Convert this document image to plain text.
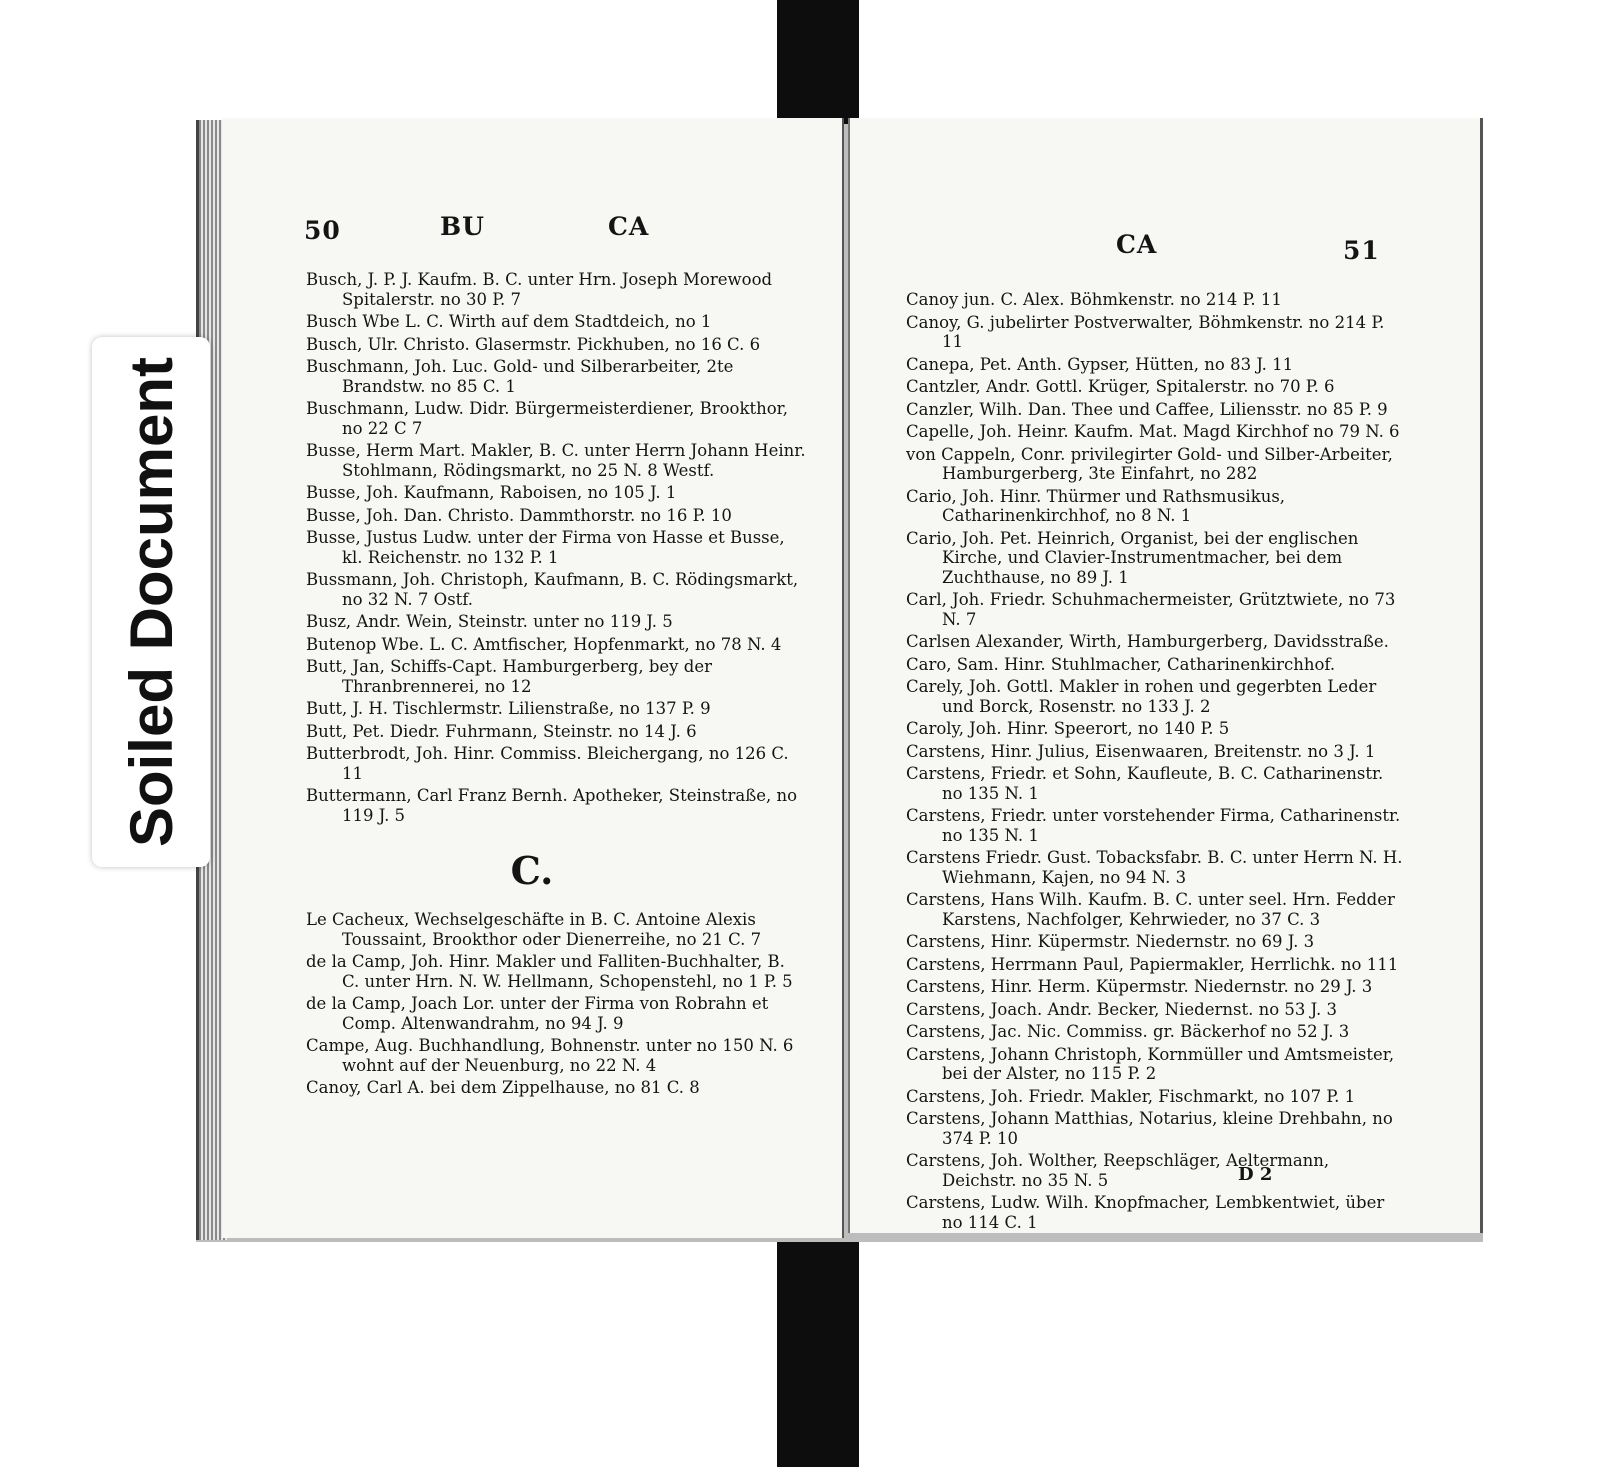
50	BU	CA

Busch, J. P. J. Kaufm. B. C. unter Hrn. Joseph Morewood Spitalerstr. no 30 P. 7

Busch Wbe L. C. Wirth auf dem Stadtdeich, no 1

Busch, Ulr. Christo. Glasermstr. Pickhuben, no 16 C. 6

Buschmann, Joh. Luc. Gold- und Silberarbeiter, 2te Brandstw. no 85 C. 1

Buschmann, Ludw. Didr. Bürgermeisterdiener, Brookthor, no 22 C 7

Busse, Herm Mart. Makler, B. C. unter Herrn Johann Heinr. Stohlmann, Rödingsmarkt, no 25 N. 8 Westf.

Busse, Joh. Kaufmann, Raboisen, no 105 J. 1

Busse, Joh. Dan. Christo. Dammthorstr. no 16 P. 10

Busse, Justus Ludw. unter der Firma von Hasse et Busse, kl. Reichenstr. no 132 P. 1

Bussmann, Joh. Christoph, Kaufmann, B. C. Rödingsmarkt, no 32 N. 7 Ostf.

Busz, Andr. Wein, Steinstr. unter no 119 J. 5

Butenop Wbe. L. C. Amtfischer, Hopfenmarkt, no 78 N. 4

Butt, Jan, Schiffs-Capt. Hamburgerberg, bey der Thranbrennerei, no 12

Butt, J. H. Tischlermstr. Lilienstraße, no 137 P. 9

Butt, Pet. Diedr. Fuhrmann, Steinstr. no 14 J. 6

Butterbrodt, Joh. Hinr. Commiss. Bleichergang, no 126 C. 11

Buttermann, Carl Franz Bernh. Apotheker, Steinstraße, no 119 J. 5

C.

Le Cacheux, Wechselgeschäfte in B. C. Antoine Alexis Toussaint, Brookthor oder Dienerreihe, no 21 C. 7

de la Camp, Joh. Hinr. Makler und Falliten-Buchhalter, B. C. unter Hrn. N. W. Hellmann, Schopenstehl, no 1 P. 5

de la Camp, Joach Lor. unter der Firma von Robrahn et Comp. Altenwandrahm, no 94 J. 9

Campe, Aug. Buchhandlung, Bohnenstr. unter no 150 N. 6 wohnt auf der Neuenburg, no 22 N. 4

Canoy, Carl A. bei dem Zippelhause, no 81 C. 8

CA	51

Canoy jun. C. Alex. Böhmkenstr. no 214 P. 11

Canoy, G. jubelirter Postverwalter, Böhmkenstr. no 214 P. 11

Canepa, Pet. Anth. Gypser, Hütten, no 83 J. 11

Cantzler, Andr. Gottl. Krüger, Spitalerstr. no 70 P. 6

Canzler, Wilh. Dan. Thee und Caffee, Liliensstr. no 85 P. 9

Capelle, Joh. Heinr. Kaufm. Mat. Magd Kirchhof no 79 N. 6

von Cappeln, Conr. privilegirter Gold- und Silber-Arbeiter, Hamburgerberg, 3te Einfahrt, no 282

Cario, Joh. Hinr. Thürmer und Rathsmusikus, Catharinenkirchhof, no 8 N. 1

Cario, Joh. Pet. Heinrich, Organist, bei der englischen Kirche, und Clavier-Instrumentmacher, bei dem Zuchthause, no 89 J. 1

Carl, Joh. Friedr. Schuhmachermeister, Grütztwiete, no 73 N. 7

Carlsen Alexander, Wirth, Hamburgerberg, Davidsstraße.

Caro, Sam. Hinr. Stuhlmacher, Catharinenkirchhof.

Carely, Joh. Gottl. Makler in rohen und gegerbten Leder und Borck, Rosenstr. no 133 J. 2

Caroly, Joh. Hinr. Speerort, no 140 P. 5

Carstens, Hinr. Julius, Eisenwaaren, Breitenstr. no 3 J. 1

Carstens, Friedr. et Sohn, Kaufleute, B. C. Catharinenstr. no 135 N. 1

Carstens, Friedr. unter vorstehender Firma, Catharinenstr. no 135 N. 1

Carstens Friedr. Gust. Tobacksfabr. B. C. unter Herrn N. H. Wiehmann, Kajen, no 94 N. 3

Carstens, Hans Wilh. Kaufm. B. C. unter seel. Hrn. Fedder Karstens, Nachfolger, Kehrwieder, no 37 C. 3

Carstens, Hinr. Küpermstr. Niedernstr. no 69 J. 3

Carstens, Herrmann Paul, Papiermakler, Herrlichk. no 111

Carstens, Hinr. Herm. Küpermstr. Niedernstr. no 29 J. 3

Carstens, Joach. Andr. Becker, Niedernst. no 53 J. 3

Carstens, Jac. Nic. Commiss. gr. Bäckerhof no 52 J. 3

Carstens, Johann Christoph, Kornmüller und Amtsmeister, bei der Alster, no 115 P. 2

Carstens, Joh. Friedr. Makler, Fischmarkt, no 107 P. 1

Carstens, Johann Matthias, Notarius, kleine Drehbahn, no 374 P. 10

Carstens, Joh. Wolther, Reepschläger, Aeltermann, Deichstr. no 35 N. 5

Carstens, Ludw. Wilh. Knopfmacher, Lembkentwiet, über no 114 C. 1

D 2
Soiled Document
